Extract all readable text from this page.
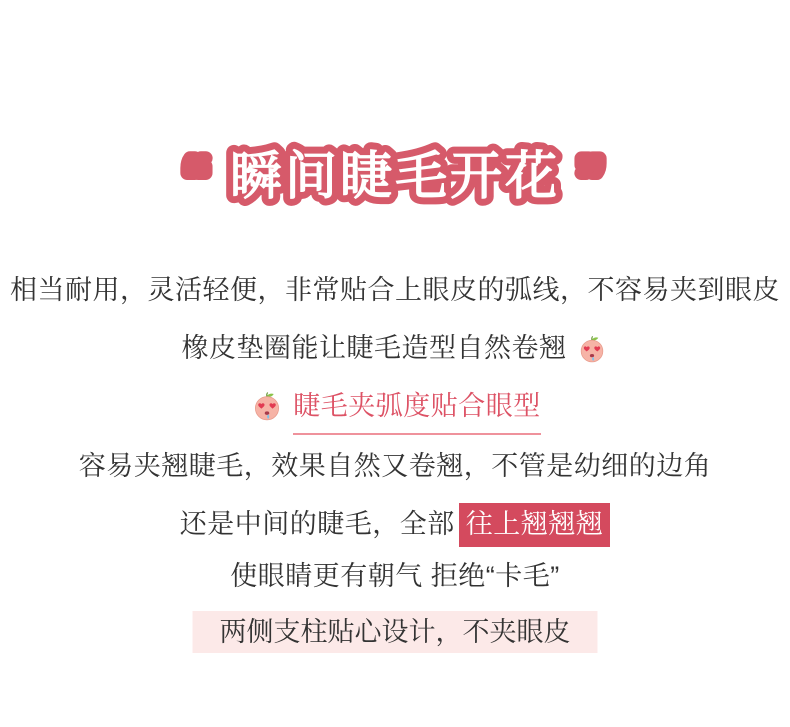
“ 瞬间睫毛开花 ”
相当耐用，灵活轻便，非常贴合上眼皮的弧线，不容易夹到眼皮
橡皮垫圈能让睫毛造型自然卷翘
睫毛夹弧度贴合眼型
容易夹翘睫毛，效果自然又卷翘，不管是幼细的边角
还是中间的睫毛，全部 往上翘翘翘
使眼睛更有朝气 拒绝“卡毛”
两侧支柱贴心设计，不夹眼皮
